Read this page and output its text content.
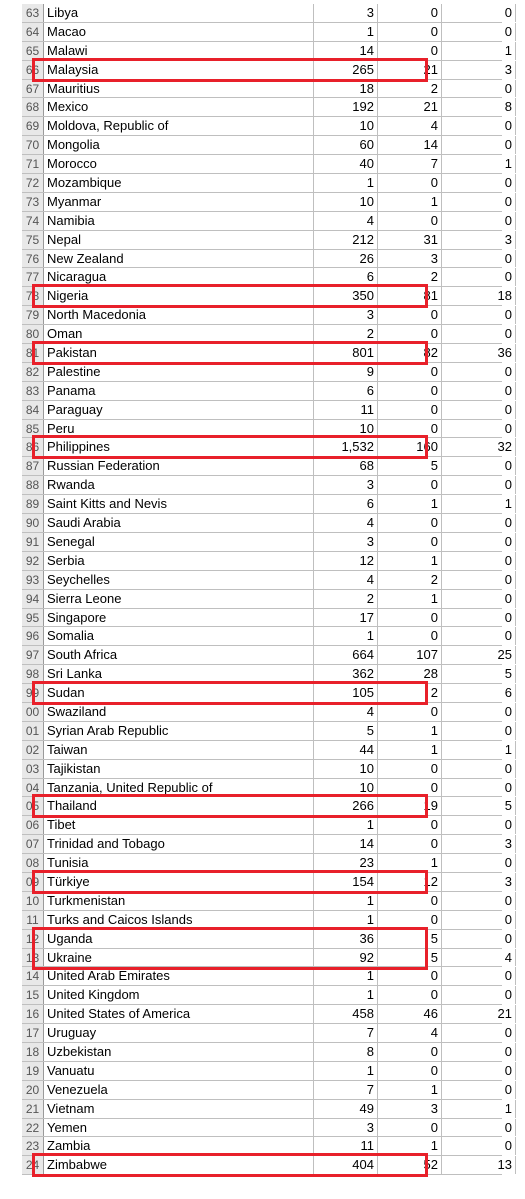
63 Libya	3	0	0
64 Macao	1	0	0
65 Malawi	14	0	1
66 Malaysia	265	21	3
67 Mauritius	18	2	0
68 Mexico	192	21	8
69 Moldova, Republic of	10	4	0
70 Mongolia	60	14	0
71 Morocco	40	7	1
72 Mozambique	1	0	0
73 Myanmar	10	1	0
74 Namibia	4	0	0
75 Nepal	212	31	3
76 New Zealand	26	3	0
77 Nicaragua	6	2	0
78 Nigeria	350	81	18
79 North Macedonia	3	0	0
80 Oman	2	0	0
81 Pakistan	801	82	36
82 Palestine	9	0	0
83 Panama	6	0	0
84 Paraguay	11	0	0
85 Peru	10	0	0
86 Philippines	1,532	160	32
87 Russian Federation	68	5	0
88 Rwanda	3	0	0
89 Saint Kitts and Nevis	6	1	1
90 Saudi Arabia	4	0	0
91 Senegal	3	0	0
92 Serbia	12	1	0
93 Seychelles	4	2	0
94 Sierra Leone	2	1	0
95 Singapore	17	0	0
96 Somalia	1	0	0
97 South Africa	664	107	25
98 Sri Lanka	362	28	5
99 Sudan	105	2	6
00 Swaziland	4	0	0
01 Syrian Arab Republic	5	1	0
02 Taiwan	44	1	1
03 Tajikistan	10	0	0
04 Tanzania, United Republic of	10	0	0
05 Thailand	266	19	5
06 Tibet	1	0	0
07 Trinidad and Tobago	14	0	3
08 Tunisia	23	1	0
09 Türkiye	154	12	3
10 Turkmenistan	1	0	0
11 Turks and Caicos Islands	1	0	0
12 Uganda	36	5	0
13 Ukraine	92	5	4
14 United Arab Emirates	1	0	0
15 United Kingdom	1	0	0
16 United States of America	458	46	21
17 Uruguay	7	4	0
18 Uzbekistan	8	0	0
19 Vanuatu	1	0	0
20 Venezuela	7	1	0
21 Vietnam	49	3	1
22 Yemen	3	0	0
23 Zambia	11	1	0
24 Zimbabwe	404	52	13
